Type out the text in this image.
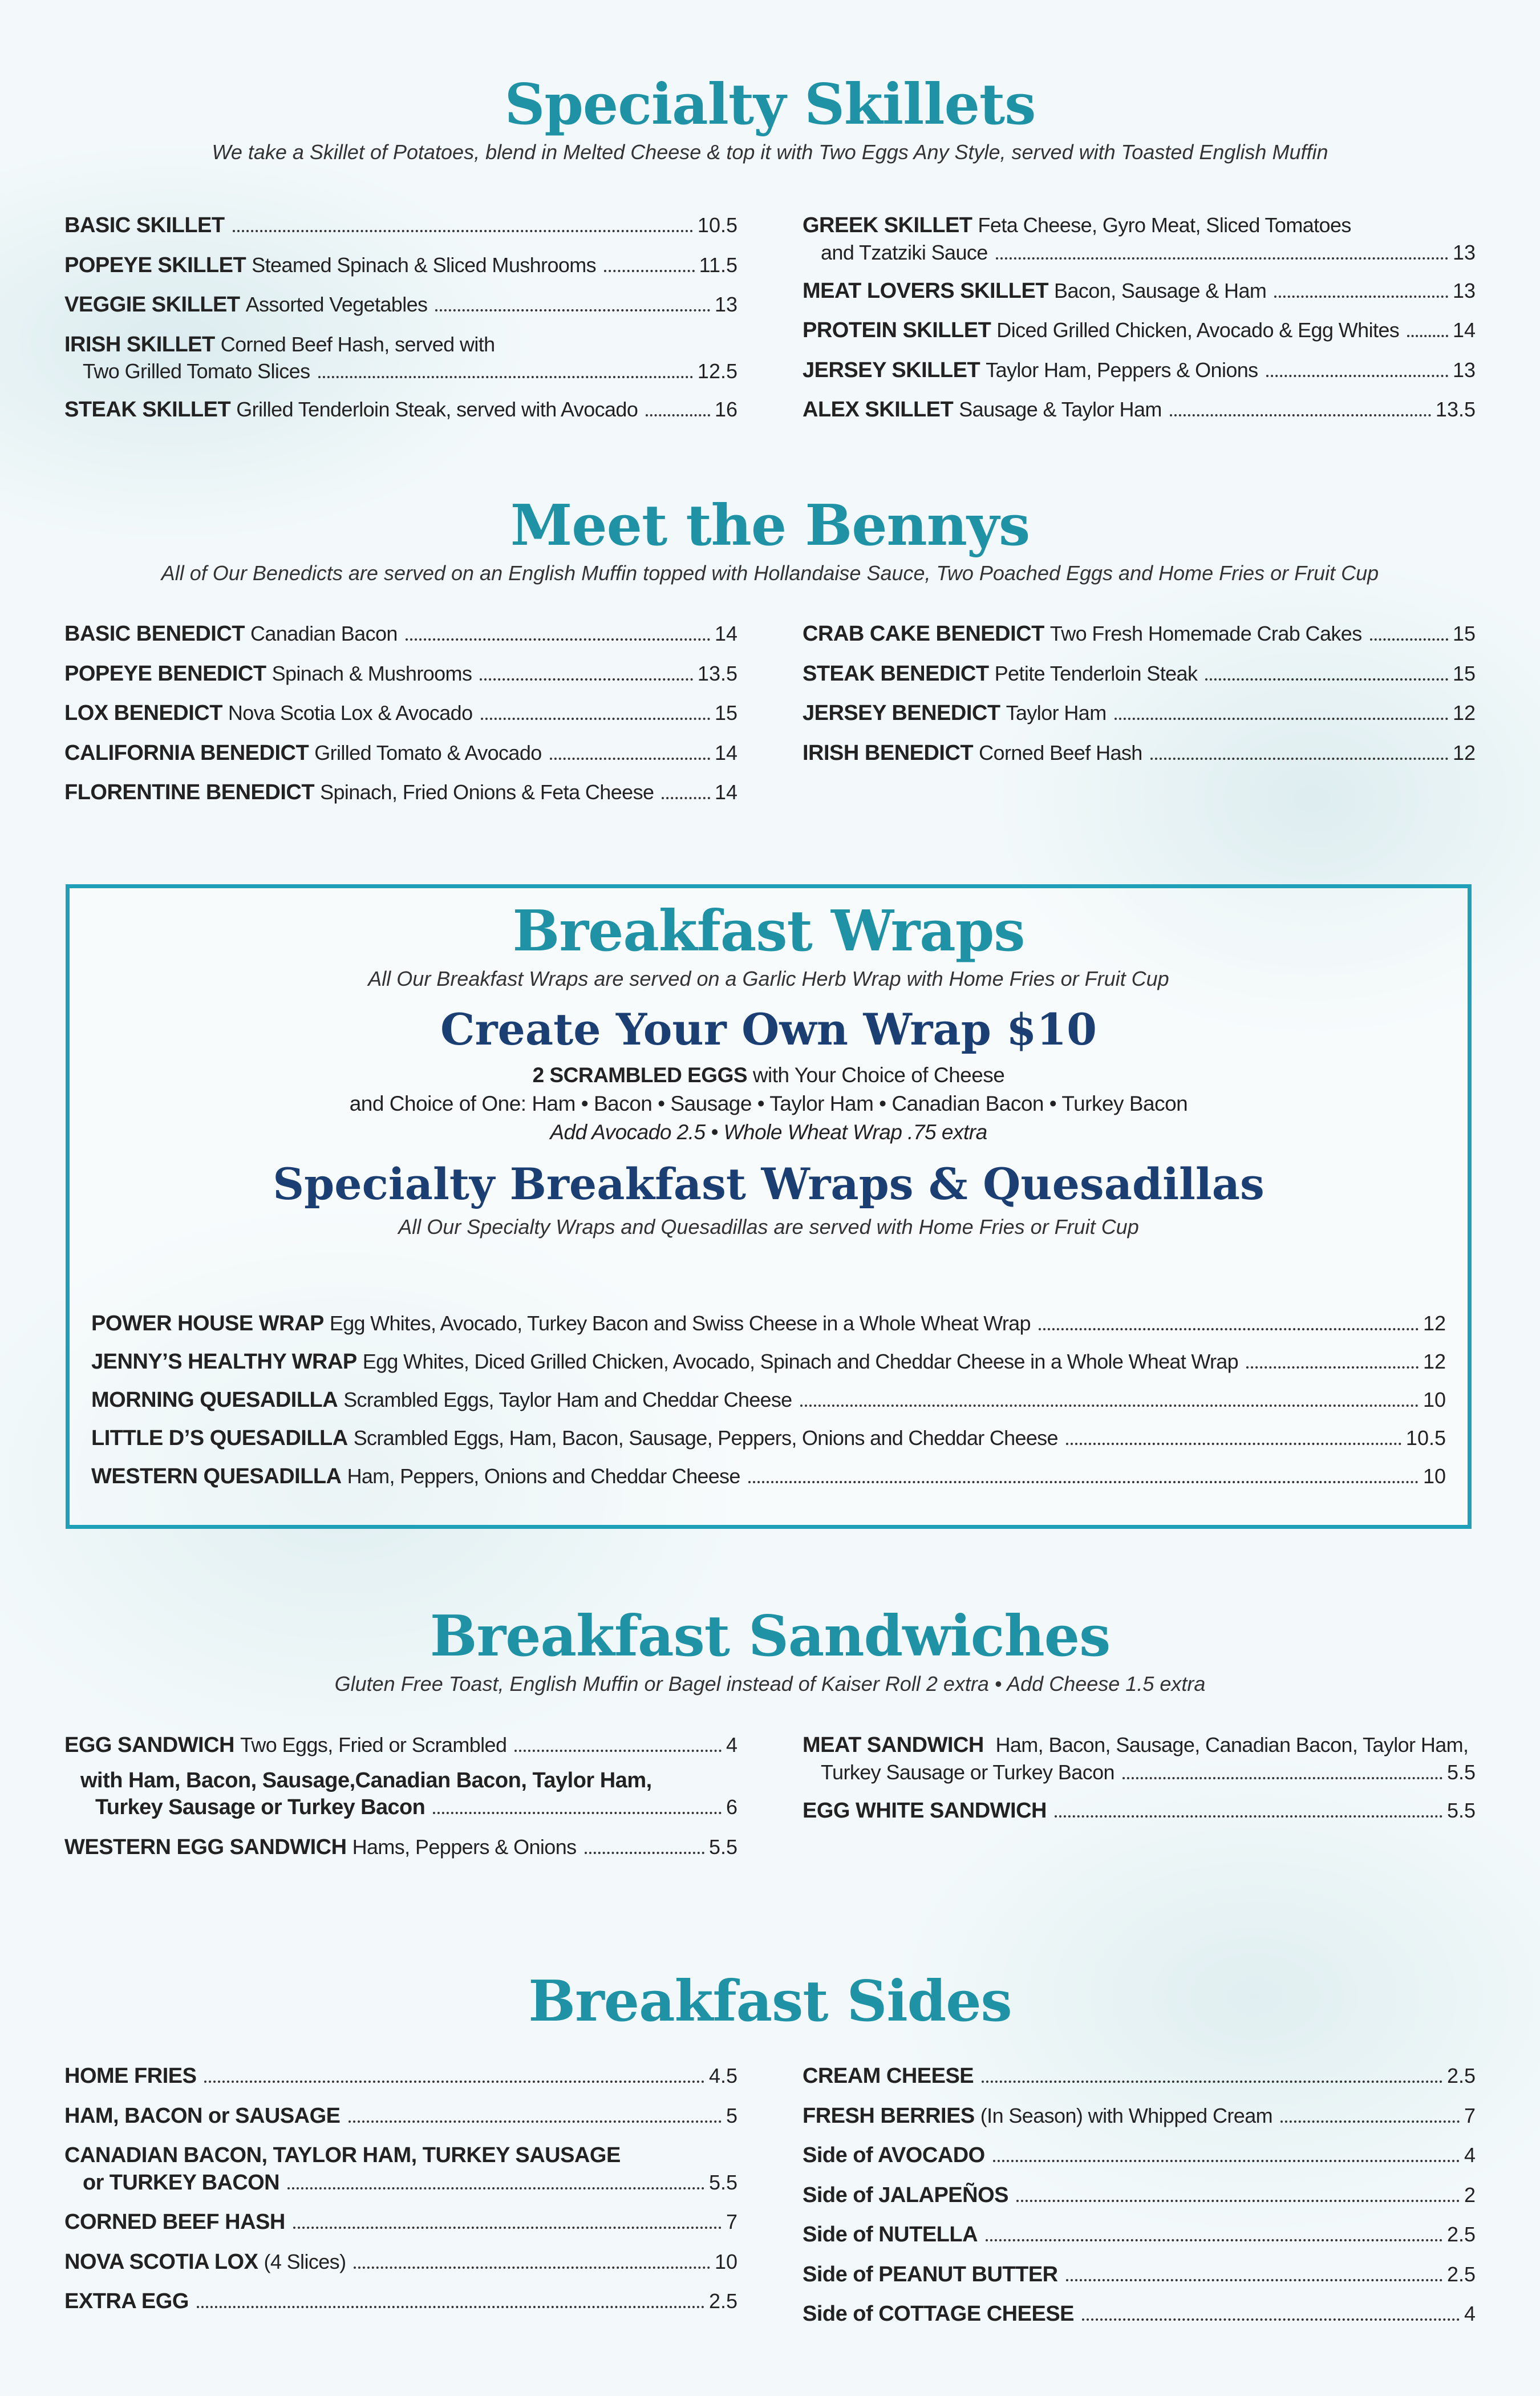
Specialty Skillets
We take a Skillet of Potatoes, blend in Melted Cheese & top it with Two Eggs Any Style, served with Toasted English Muffin
BASIC SKILLET	10.5
POPEYE SKILLET Steamed Spinach & Sliced Mushrooms	11.5
VEGGIE SKILLET Assorted Vegetables	13
IRISH SKILLET Corned Beef Hash, served with
Two Grilled Tomato Slices	12.5
STEAK SKILLET Grilled Tenderloin Steak, served with Avocado	16
GREEK SKILLET Feta Cheese, Gyro Meat, Sliced Tomatoes
and Tzatziki Sauce	13
MEAT LOVERS SKILLET Bacon, Sausage & Ham	13
PROTEIN SKILLET Diced Grilled Chicken, Avocado & Egg Whites	14
JERSEY SKILLET Taylor Ham, Peppers & Onions	13
ALEX SKILLET Sausage & Taylor Ham	13.5
Meet the Bennys
All of Our Benedicts are served on an English Muffin topped with Hollandaise Sauce, Two Poached Eggs and Home Fries or Fruit Cup
BASIC BENEDICT Canadian Bacon	14
POPEYE BENEDICT Spinach & Mushrooms	13.5
LOX BENEDICT Nova Scotia Lox & Avocado	15
CALIFORNIA BENEDICT Grilled Tomato & Avocado	14
FLORENTINE BENEDICT Spinach, Fried Onions & Feta Cheese	14
CRAB CAKE BENEDICT Two Fresh Homemade Crab Cakes	15
STEAK BENEDICT Petite Tenderloin Steak	15
JERSEY BENEDICT Taylor Ham	12
IRISH BENEDICT Corned Beef Hash	12
Breakfast Wraps
All Our Breakfast Wraps are served on a Garlic Herb Wrap with Home Fries or Fruit Cup
Create Your Own Wrap $10
2 SCRAMBLED EGGS with Your Choice of Cheese
and Choice of One: Ham • Bacon • Sausage • Taylor Ham • Canadian Bacon • Turkey Bacon
Add Avocado 2.5 • Whole Wheat Wrap .75 extra
Specialty Breakfast Wraps & Quesadillas
All Our Specialty Wraps and Quesadillas are served with Home Fries or Fruit Cup
POWER HOUSE WRAP Egg Whites, Avocado, Turkey Bacon and Swiss Cheese in a Whole Wheat Wrap	12
JENNY’S HEALTHY WRAP Egg Whites, Diced Grilled Chicken, Avocado, Spinach and Cheddar Cheese in a Whole Wheat Wrap	12
MORNING QUESADILLA Scrambled Eggs, Taylor Ham and Cheddar Cheese	10
LITTLE D’S QUESADILLA Scrambled Eggs, Ham, Bacon, Sausage, Peppers, Onions and Cheddar Cheese	10.5
WESTERN QUESADILLA Ham, Peppers, Onions and Cheddar Cheese	10
Breakfast Sandwiches
Gluten Free Toast, English Muffin or Bagel instead of Kaiser Roll 2 extra • Add Cheese 1.5 extra
EGG SANDWICH Two Eggs, Fried or Scrambled	4
with Ham, Bacon, Sausage,Canadian Bacon, Taylor Ham,
Turkey Sausage or Turkey Bacon	6
WESTERN EGG SANDWICH Hams, Peppers & Onions	5.5
MEAT SANDWICH Ham, Bacon, Sausage, Canadian Bacon, Taylor Ham,
Turkey Sausage or Turkey Bacon	5.5
EGG WHITE SANDWICH	5.5
Breakfast Sides
HOME FRIES	4.5
HAM, BACON or SAUSAGE	5
CANADIAN BACON, TAYLOR HAM, TURKEY SAUSAGE
or TURKEY BACON	5.5
CORNED BEEF HASH	7
NOVA SCOTIA LOX (4 Slices)	10
EXTRA EGG	2.5
CREAM CHEESE	2.5
FRESH BERRIES (In Season) with Whipped Cream	7
Side of AVOCADO	4
Side of JALAPEÑOS	2
Side of NUTELLA	2.5
Side of PEANUT BUTTER	2.5
Side of COTTAGE CHEESE	4
